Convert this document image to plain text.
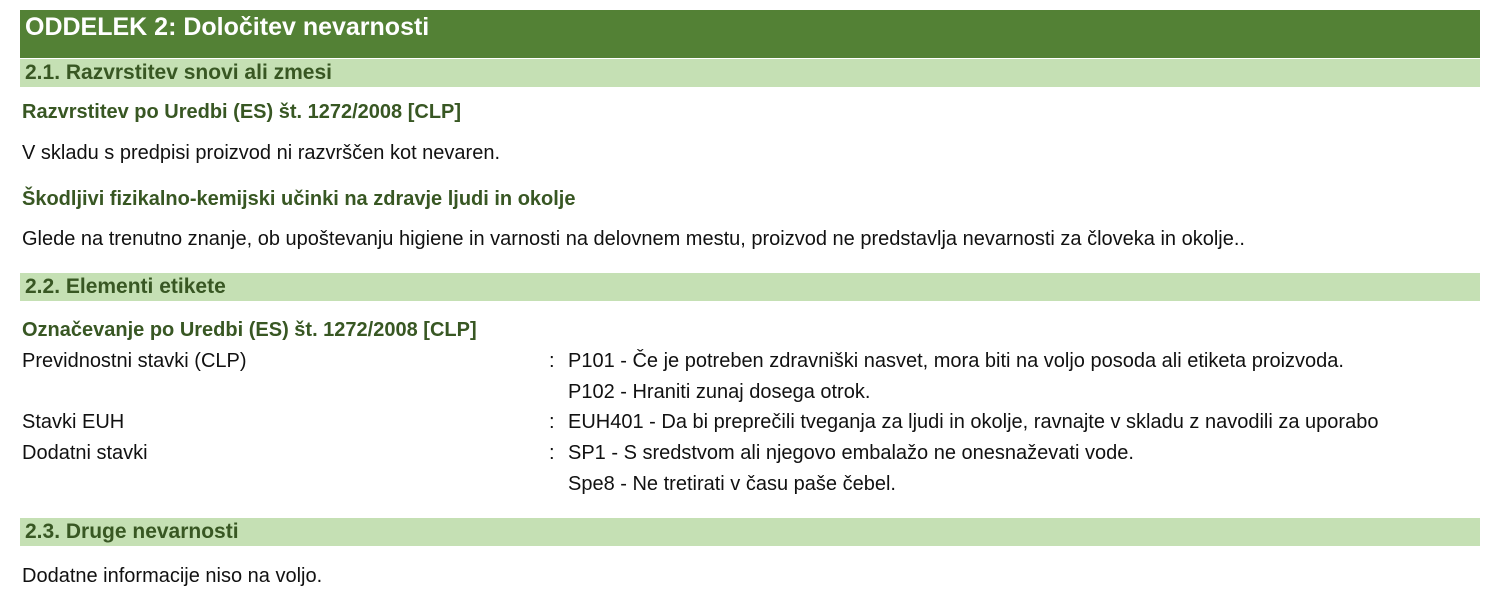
ODDELEK 2: Določitev nevarnosti
2.1. Razvrstitev snovi ali zmesi
Razvrstitev po Uredbi (ES) št. 1272/2008 [CLP]
V skladu s predpisi proizvod ni razvrščen kot nevaren.
Škodljivi fizikalno-kemijski učinki na zdravje ljudi in okolje
Glede na trenutno znanje, ob upoštevanju higiene in varnosti na delovnem mestu, proizvod ne predstavlja nevarnosti za človeka in okolje..
2.2. Elementi etikete
Označevanje po Uredbi (ES) št. 1272/2008 [CLP]
Previdnostni stavki (CLP)	: P101 - Če je potreben zdravniški nasvet, mora biti na voljo posoda ali etiketa proizvoda.
P102 - Hraniti zunaj dosega otrok.
Stavki EUH	: EUH401 - Da bi preprečili tveganja za ljudi in okolje, ravnajte v skladu z navodili za uporabo
Dodatni stavki	: SP1 - S sredstvom ali njegovo embalažo ne onesnaževati vode.
Spe8 - Ne tretirati v času paše čebel.
2.3. Druge nevarnosti
Dodatne informacije niso na voljo.
